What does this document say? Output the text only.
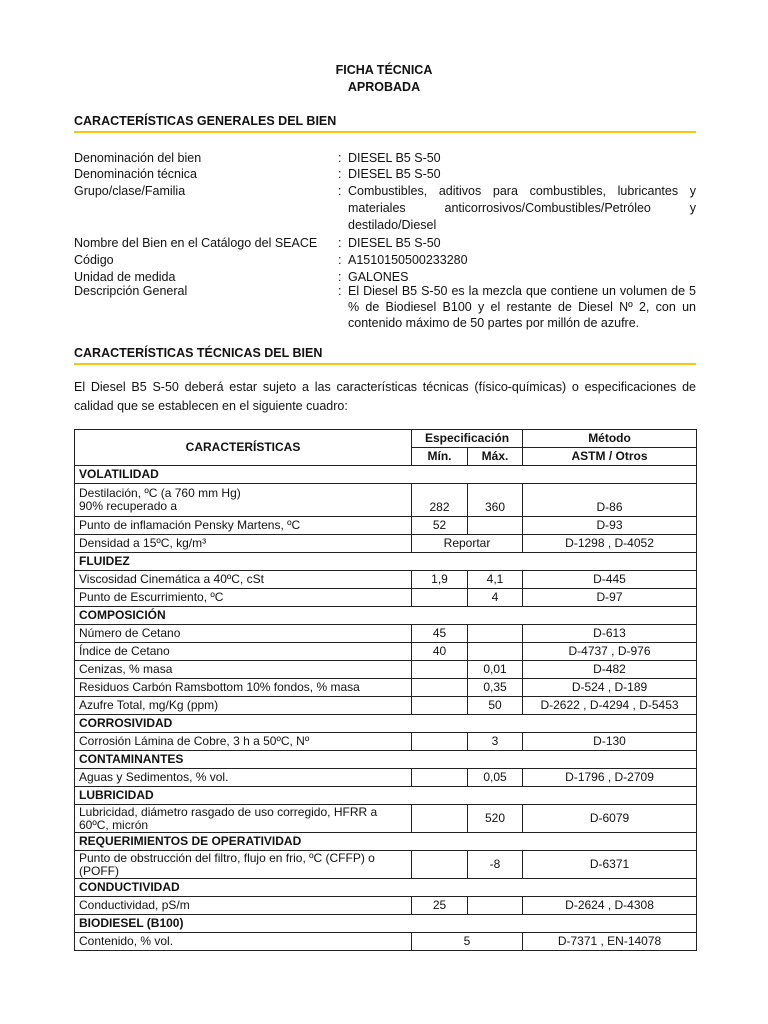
FICHA TÉCNICA
APROBADA
CARACTERÍSTICAS GENERALES DEL BIEN
Denominación del bien	: DIESEL B5 S-50
Denominación técnica	: DIESEL B5 S-50
Grupo/clase/Familia	: Combustibles, aditivos para combustibles, lubricantes y materiales anticorrosivos/Combustibles/Petróleo y destilado/Diesel
Nombre del Bien en el Catálogo del SEACE : DIESEL B5 S-50
Código	: A1510150500233280
Unidad de medida	: GALONES
Descripción General	: El Diesel B5 S-50 es la mezcla que contiene un volumen de 5 % de Biodiesel B100 y el restante de Diesel Nº 2, con un contenido máximo de 50 partes por millón de azufre.
CARACTERÍSTICAS TÉCNICAS DEL BIEN
El Diesel B5 S-50 deberá estar sujeto a las características técnicas (físico-químicas) o especificaciones de calidad que se establecen en el siguiente cuadro:
CARACTERÍSTICAS	Especificación		Método
	Mín.	Máx.	ASTM / Otros
VOLATILIDAD			

Destilación, ºC (a 760 mm Hg)
90% recuperado a	282	360	D-86
Punto de inflamación Pensky Martens, ºC	52		D-93
Densidad a 15ºC, kg/m³	Reportar		D-1298 , D-4052
FLUIDEZ			
Viscosidad Cinemática a 40ºC, cSt	1,9	4,1	D-445
Punto de Escurrimiento, ºC		4	D-97
COMPOSICIÓN			
Número de Cetano	45		D-613
Índice de Cetano	40		D-4737 , D-976
Cenizas, % masa		0,01	D-482
Residuos Carbón Ramsbottom 10% fondos, % masa		0,35	D-524 , D-189
Azufre Total, mg/Kg (ppm)		50	D-2622 , D-4294 , D-5453
CORROSIVIDAD			
Corrosión Lámina de Cobre, 3 h a 50ºC, Nº		3	D-130
CONTAMINANTES			
Aguas y Sedimentos, % vol.		0,05	D-1796 , D-2709
LUBRICIDAD			
Lubricidad, diámetro rasgado de uso corregido, HFRR a 60ºC, micrón		520	D-6079
REQUERIMIENTOS DE OPERATIVIDAD			
Punto de obstrucción del filtro, flujo en frio, ºC (CFFP) o (POFF)		-8	D-6371
CONDUCTIVIDAD			
Conductividad, pS/m	25		D-2624 , D-4308
BIODIESEL (B100)			
Contenido, % vol.	5		D-7371 , EN-14078
